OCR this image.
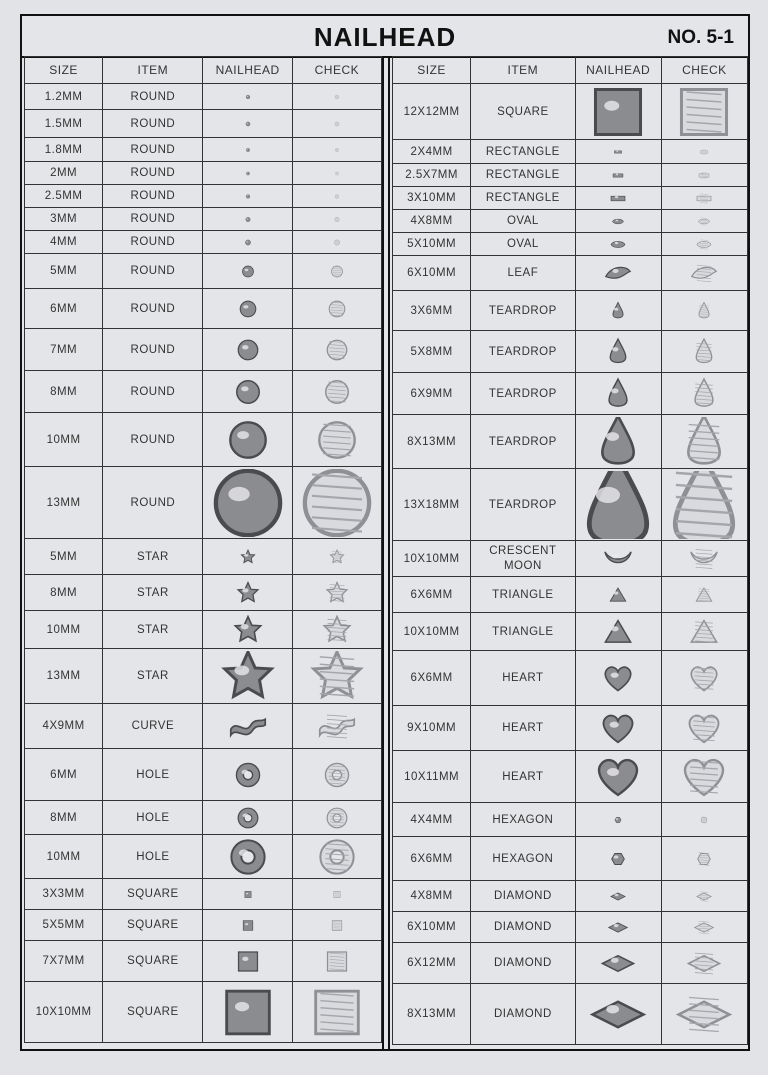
NAILHEAD	NO. 5-1
SIZE	ITEM	NAILHEAD	CHECK
1.2MM	ROUND	

1.5MM	ROUND	

1.8MM	ROUND	

2MM	ROUND	

2.5MM	ROUND	

3MM	ROUND	

4MM	ROUND	

5MM	ROUND	

6MM	ROUND	

7MM	ROUND	

8MM	ROUND	

10MM	ROUND	

13MM	ROUND	

5MM	STAR	

8MM	STAR	

10MM	STAR	

13MM	STAR	

4X9MM	CURVE	

6MM	HOLE	

8MM	HOLE	

10MM	HOLE	

3X3MM	SQUARE	

5X5MM	SQUARE	

7X7MM	SQUARE	

10X10MM	SQUARE	

SIZE	ITEM	NAILHEAD	CHECK
12X12MM	SQUARE	

2X4MM	RECTANGLE	

2.5X7MM	RECTANGLE	

3X10MM	RECTANGLE	

4X8MM	OVAL	

5X10MM	OVAL	

6X10MM	LEAF	

3X6MM	TEARDROP	

5X8MM	TEARDROP	

6X9MM	TEARDROP	

8X13MM	TEARDROP	

13X18MM	TEARDROP	

10X10MM	CRESCENT MOON	

6X6MM	TRIANGLE	

10X10MM	TRIANGLE	

6X6MM	HEART	

9X10MM	HEART	

10X11MM	HEART	

4X4MM	HEXAGON	

6X6MM	HEXAGON	

4X8MM	DIAMOND	

6X10MM	DIAMOND	

6X12MM	DIAMOND	

8X13MM	DIAMOND	
